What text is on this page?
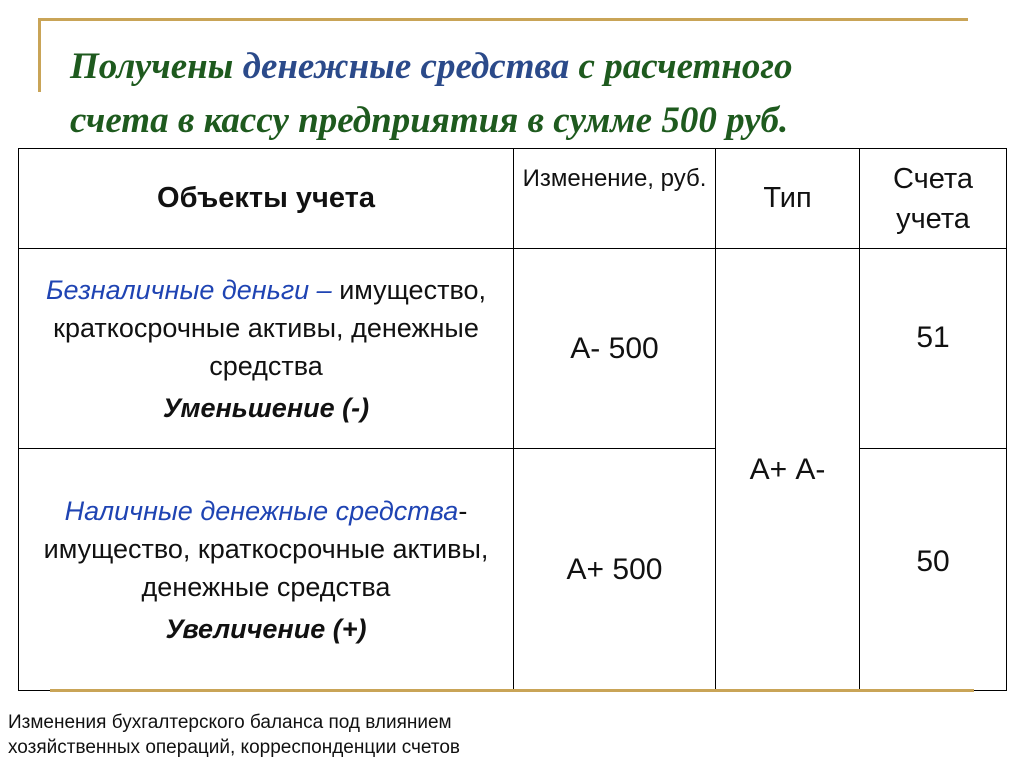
Получены денежные средства с расчетного
счета в кассу предприятия в сумме 500 руб.
Объекты учета	Изменение, руб.	Тип	Счета учета
Безналичные деньги – имущество, краткосрочные активы, денежные средства
Уменьшение (-)	А- 500	А+ А-	51
Наличные денежные средства- имущество, краткосрочные активы, денежные средства
Увеличение (+)	А+ 500		50
Изменения бухгалтерского баланса под влиянием
хозяйственных операций, корреспонденции счетов
